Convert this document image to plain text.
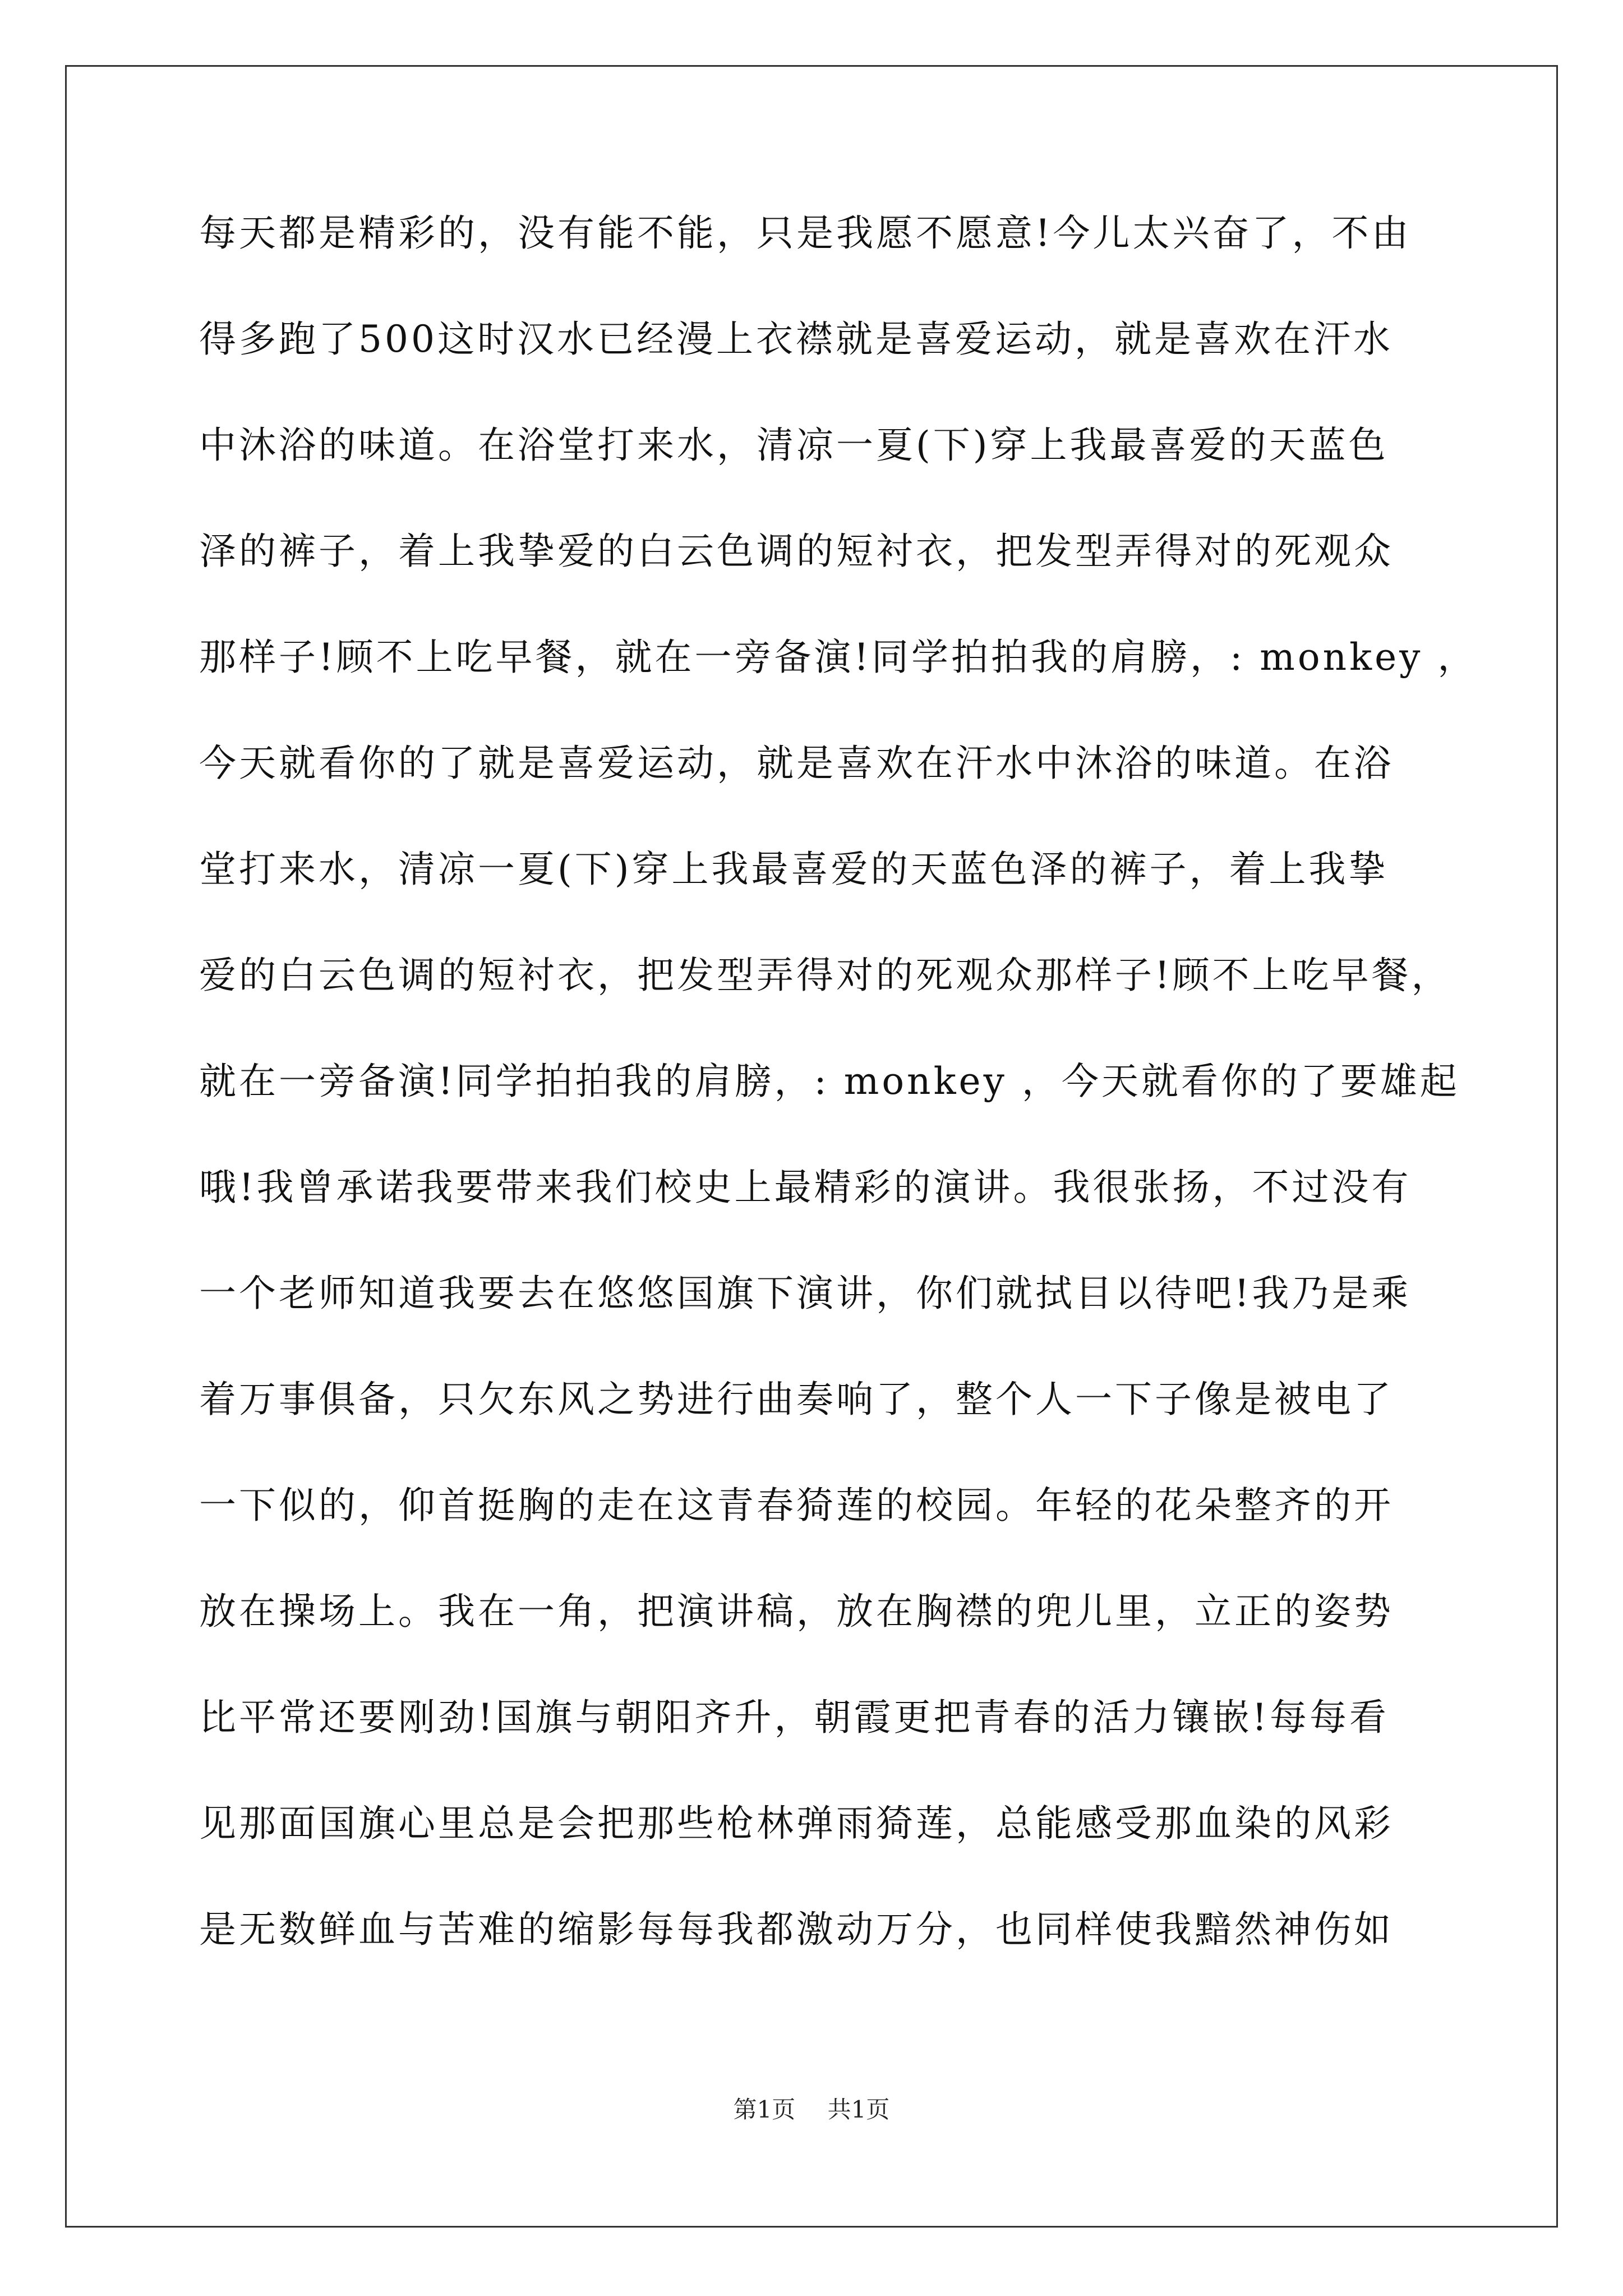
每天都是精彩的，没有能不能，只是我愿不愿意!今儿太兴奋了，不由
得多跑了500这时汉水已经漫上衣襟就是喜爱运动，就是喜欢在汗水
中沐浴的味道。在浴堂打来水，清凉一夏(下)穿上我最喜爱的天蓝色
泽的裤子，着上我挚爱的白云色调的短衬衣，把发型弄得对的死观众
那样子!顾不上吃早餐，就在一旁备演!同学拍拍我的肩膀，: monkey ，
今天就看你的了就是喜爱运动，就是喜欢在汗水中沐浴的味道。在浴
堂打来水，清凉一夏(下)穿上我最喜爱的天蓝色泽的裤子，着上我挚
爱的白云色调的短衬衣，把发型弄得对的死观众那样子!顾不上吃早餐，
就在一旁备演!同学拍拍我的肩膀，: monkey ，今天就看你的了要雄起
哦!我曾承诺我要带来我们校史上最精彩的演讲。我很张扬，不过没有
一个老师知道我要去在悠悠国旗下演讲，你们就拭目以待吧!我乃是乘
着万事俱备，只欠东风之势进行曲奏响了，整个人一下子像是被电了
一下似的，仰首挺胸的走在这青春猗莲的校园。年轻的花朵整齐的开
放在操场上。我在一角，把演讲稿，放在胸襟的兜儿里，立正的姿势
比平常还要刚劲!国旗与朝阳齐升，朝霞更把青春的活力镶嵌!每每看
见那面国旗心里总是会把那些枪林弹雨猗莲，总能感受那血染的风彩
是无数鲜血与苦难的缩影每每我都激动万分，也同样使我黯然神伤如
第1页 共1页
